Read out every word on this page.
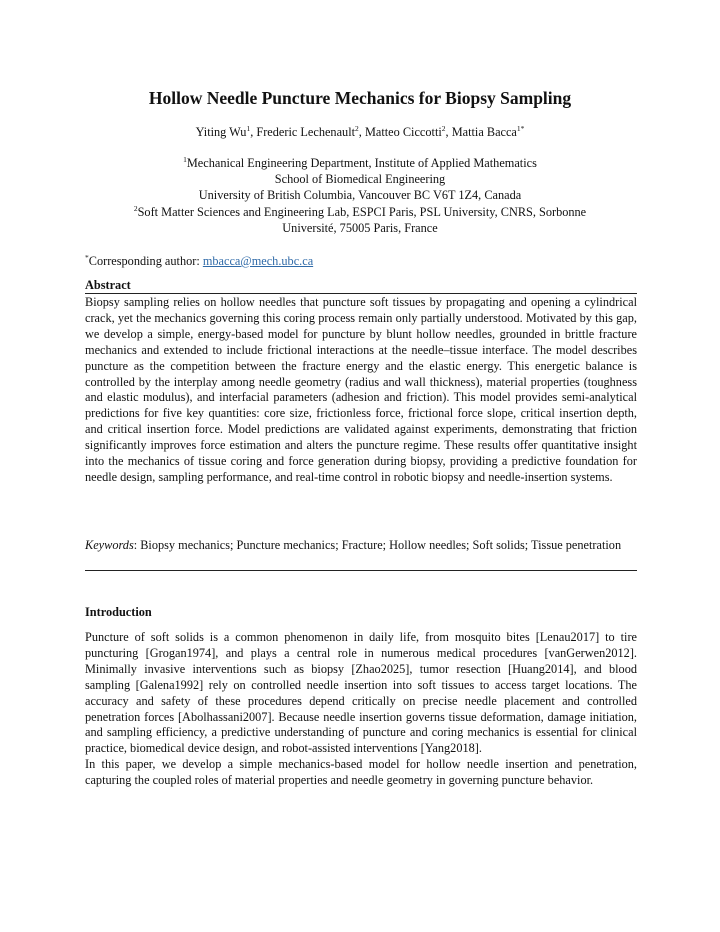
Hollow Needle Puncture Mechanics for Biopsy Sampling
Yiting Wu$^1$, Frederic Lechenault$^2$, Matteo Ciccotti$^2$, Mattia Bacca$^{1*}$
$^1$Mechanical Engineering Department, Institute of Applied Mathematics
School of Biomedical Engineering
University of British Columbia, Vancouver BC V6T 1Z4, Canada
$^2$Soft Matter Sciences and Engineering Lab, ESPCI Paris, PSL University, CNRS, Sorbonne
Université, 75005 Paris, France
*Corresponding author: mbacca@mech.ubc.ca
Abstract
Biopsy sampling relies on hollow needles that puncture soft tissues by propagating and opening a cylindrical crack, yet the mechanics governing this coring process remain only partially understood. Motivated by this gap, we develop a simple, energy-based model for puncture by blunt hollow needles, grounded in brittle fracture mechanics and extended to include frictional interactions at the needle–tissue interface. The model describes puncture as the competition between the fracture energy and the elastic energy. This energetic balance is controlled by the interplay among needle geometry (radius and wall thickness), material properties (toughness and elastic modulus), and interfacial parameters (adhesion and friction). This model provides semi-analytical predictions for five key quantities: core size, frictionless force, frictional force slope, critical insertion depth, and critical insertion force. Model predictions are validated against experiments, demonstrating that friction significantly improves force estimation and alters the puncture regime. These results offer quantitative insight into the mechanics of tissue coring and force generation during biopsy, providing a predictive foundation for needle design, sampling performance, and real-time control in robotic biopsy and needle-insertion systems.
Keywords: Biopsy mechanics; Puncture mechanics; Fracture; Hollow needles; Soft solids; Tissue penetration
Introduction

Puncture of soft solids is a common phenomenon in daily life, from mosquito bites [Lenau2017] to tire puncturing [Grogan1974], and plays a central role in numerous medical procedures [vanGerwen2012]. Minimally invasive interventions such as biopsy [Zhao2025], tumor resection [Huang2014], and blood sampling [Galena1992] rely on controlled needle insertion into soft tissues to access target locations. The accuracy and safety of these procedures depend critically on precise needle placement and controlled penetration forces [Abolhassani2007]. Because needle insertion governs tissue deformation, damage initiation, and sampling efficiency, a predictive understanding of puncture and coring mechanics is essential for clinical practice, biomedical device design, and robot-assisted interventions [Yang2018].

In this paper, we develop a simple mechanics-based model for hollow needle insertion and penetration, capturing the coupled roles of material properties and needle geometry in governing puncture behavior.
